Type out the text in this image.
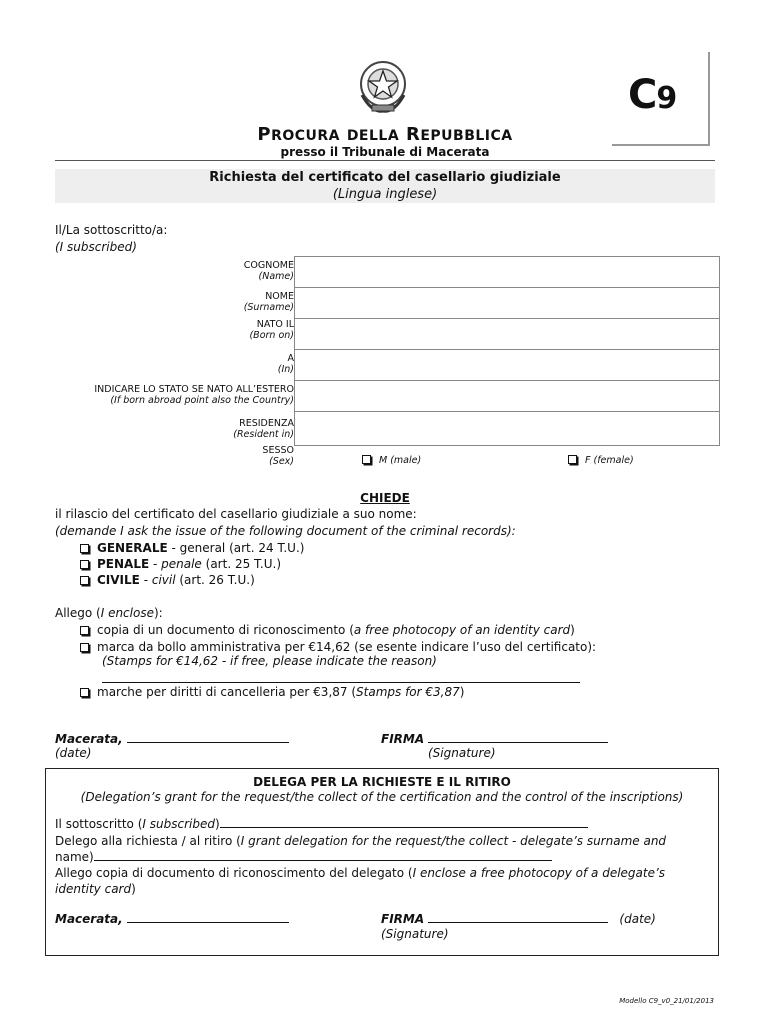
C9
PROCURA DELLA REPUBBLICA
presso il Tribunale di Macerata
Richiesta del certificato del casellario giudiziale
(Lingua inglese)
Il/La sottoscritto/a:
(I subscribed)
COGNOME
(Name)
NOME
(Surname)
NATO IL
(Born on)
A
(In)
INDICARE LO STATO SE NATO ALL’ESTERO
(If born abroad point also the Country)
RESIDENZA
(Resident in)
SESSO
(Sex)	M (male)	F (female)
CHIEDE
il rilascio del certificato del casellario giudiziale a suo nome:
(demande I ask the issue of the following document of the criminal records):
GENERALE - general (art. 24 T.U.)
PENALE - penale (art. 25 T.U.)
CIVILE - civil (art. 26 T.U.)
Allego (I enclose):
copia di un documento di riconoscimento (a free photocopy of an identity card)
marca da bollo amministrativa per €14,62 (se esente indicare l’uso del certificato):
(Stamps for €14,62 - if free, please indicate the reason)
marche per diritti di cancelleria per €3,87 (Stamps for €3,87)
Macerata,
(date)
FIRMA
(Signature)
DELEGA PER LA RICHIESTE E IL RITIRO
(Delegation’s grant for the request/the collect of the certification and the control of the inscriptions)
Il sottoscritto (I subscribed)
Delego alla richiesta / al ritiro (I grant delegation for the request/the collect - delegate’s surname and
name)
Allego copia di documento di riconoscimento del delegato (I enclose a free photocopy of a delegate’s
identity card)
Macerata,	FIRMA	(date)
(Signature)
Modello C9_v0_21/01/2013
